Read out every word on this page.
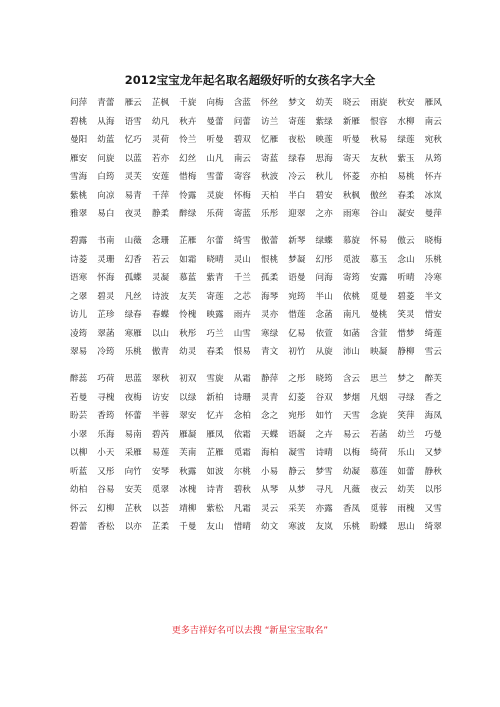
2012宝宝龙年起名取名超级好听的女孩名字大全
问萍 青蕾 雁云 芷枫 千旋 向梅 含蓝 怀丝 梦文 幼芙 晓云 雨旋 秋安 雁风
碧桃 从海 语雪 幼凡 秋卉 曼蕾 问蕾 访兰 寄莲 紫绿 新雁 恨容 水柳 南云
曼阳 幼蓝 忆巧 灵荷 怜兰 听曼 碧双 忆雁 夜松 映莲 听曼 秋易 绿莲 宛秋
雁安 问旋 以蓝 若亦 幻丝 山凡 南云 寄蓝 绿春 思海 寄天 友秋 紫玉 从筠
雪海 白筠 灵芙 安莲 惜梅 雪蕾 寄容 秋波 冷云 秋儿 怀菱 亦柏 易桃 怀卉
紫桃 向凉 易青 千萍 怜露 灵旋 怀梅 天柏 半白 碧安 秋枫 傲丝 春柔 冰岚
雅翠 易白 夜灵 静柔 醉绿 乐荷 寄蓝 乐彤 迎翠 之亦 雨寒 谷山 凝安 曼萍
碧露 书南 山薇 念珊 芷雁 尔蕾 绮雪 傲蕾 新琴 绿蝶 慕旋 怀易 傲云 晓梅
诗菱 灵珊 幻香 若云 如霜 晓晴 灵山 恨桃 梦凝 幻彤 觅波 慕玉 念山 乐桃
语寒 怀海 孤蝶 灵凝 慕蓝 紫青 千兰 孤柔 语曼 问海 寄筠 安露 听晴 冷寒
之翠 碧灵 凡丝 诗波 友芙 寄莲 之芯 海琴 宛筠 半山 依桃 觅曼 碧菱 半文
访儿 芷珍 绿春 春蝶 怜槐 映露 雨卉 灵亦 惜莲 念菡 南凡 曼桃 笑灵 惜安
凌筠 翠菡 寒雁 以山 秋彤 巧兰 山雪 寒绿 亿易 依萱 如菡 含萱 惜梦 绮莲
翠易 冷筠 乐桃 傲青 幼灵 春柔 恨易 青文 初竹 从旋 沛山 映凝 静柳 雪云
醉蕊 巧荷 思蓝 翠秋 初双 雪旋 从霜 静萍 之彤 晓筠 含云 思兰 梦之 醉芙
若曼 寻槐 夜梅 访安 以绿 新柏 诗珊 灵青 幻菱 谷双 梦烟 凡烟 寻绿 香之
盼芸 香筠 怀蕾 半蓉 翠安 忆卉 念柏 念之 宛彤 如竹 天雪 念旋 笑萍 海凤
小翠 乐海 易南 碧芮 雁凝 雁凤 依霜 天蝶 语凝 之卉 易云 若菡 幼兰 巧曼
以柳 小天 采雁 易莲 芙南 芷雁 觅霜 海柏 凝雪 诗晴 以梅 绮荷 乐山 又梦
听蓝 又彤 向竹 安琴 秋露 如波 尔桃 小易 静云 梦雪 幼凝 慕莲 如蕾 静秋
幼柏 谷易 安芙 觅翠 冰槐 诗青 碧秋 从琴 从梦 寻凡 凡薇 夜云 幼芙 以彤
怀云 幻柳 芷秋 以荟 靖柳 紫松 凡霜 灵云 采芙 亦露 香凤 觅蓉 雨槐 又雪
碧蕾 香松 以亦 芷柔 千曼 友山 惜晴 幼文 寒波 友岚 乐桃 盼蝶 思山 绮翠
更多吉祥好名可以去搜 “新星宝宝取名”
